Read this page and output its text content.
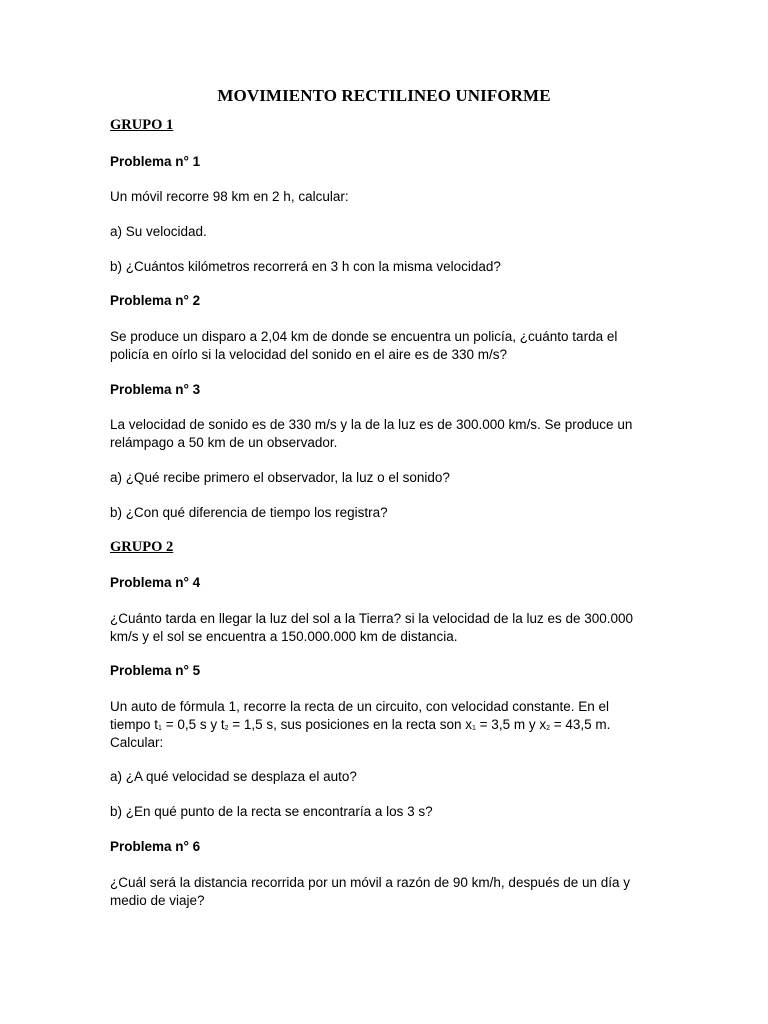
MOVIMIENTO RECTILINEO UNIFORME
GRUPO 1
Problema n° 1
Un móvil recorre 98 km en 2 h, calcular:
a) Su velocidad.
b) ¿Cuántos kilómetros recorrerá en 3 h con la misma velocidad?
Problema n° 2
Se produce un disparo a 2,04 km de donde se encuentra un policía, ¿cuánto tarda el
policía en oírlo si la velocidad del sonido en el aire es de 330 m/s?
Problema n° 3
La velocidad de sonido es de 330 m/s y la de la luz es de 300.000 km/s. Se produce un
relámpago a 50 km de un observador.
a) ¿Qué recibe primero el observador, la luz o el sonido?
b) ¿Con qué diferencia de tiempo los registra?
GRUPO 2
Problema n° 4
¿Cuánto tarda en llegar la luz del sol a la Tierra? si la velocidad de la luz es de 300.000
km/s y el sol se encuentra a 150.000.000 km de distancia.
Problema n° 5
Un auto de fórmula 1, recorre la recta de un circuito, con velocidad constante. En el
tiempo $t_1 = 0,5$ s y $t_2 = 1,5$ s, sus posiciones en la recta son $x_1 = 3,5$ m y $x_2 = 43,5$ m.
Calcular:
a) ¿A qué velocidad se desplaza el auto?
b) ¿En qué punto de la recta se encontraría a los 3 s?
Problema n° 6
¿Cuál será la distancia recorrida por un móvil a razón de 90 km/h, después de un día y
medio de viaje?
